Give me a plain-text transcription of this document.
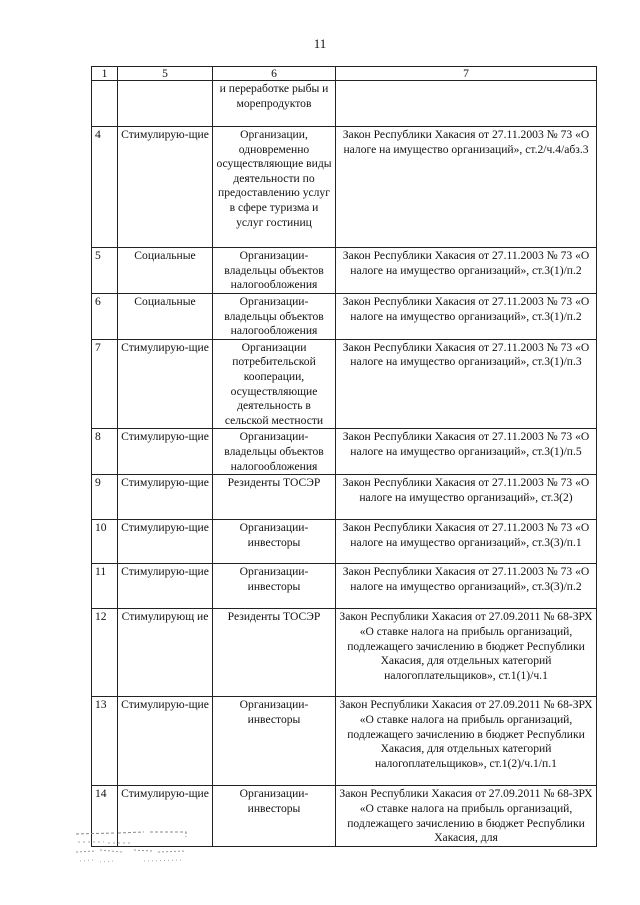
11
1	5	6	7
		и переработке рыбы и морепродуктов	
4	Стимулирую-щие	Организации, одновременно осуществляющие виды деятельности по предоставлению услуг в сфере туризма и услуг гостиниц	Закон Республики Хакасия от 27.11.2003 № 73 «О налоге на имущество организаций», ст.2/ч.4/абз.3
5	Социальные	Организации-владельцы объектов налогообложения	Закон Республики Хакасия от 27.11.2003 № 73 «О налоге на имущество организаций», ст.3(1)/п.2
6	Социальные	Организации-владельцы объектов налогообложения	Закон Республики Хакасия от 27.11.2003 № 73 «О налоге на имущество организаций», ст.3(1)/п.2
7	Стимулирую-щие	Организации потребительской кооперации, осуществляющие деятельность в сельской местности	Закон Республики Хакасия от 27.11.2003 № 73 «О налоге на имущество организаций», ст.3(1)/п.3
8	Стимулирую-щие	Организации-владельцы объектов налогообложения	Закон Республики Хакасия от 27.11.2003 № 73 «О налоге на имущество организаций», ст.3(1)/п.5
9	Стимулирую-щие	Резиденты ТОСЭР	Закон Республики Хакасия от 27.11.2003 № 73 «О налоге на имущество организаций», ст.3(2)
10	Стимулирую-щие	Организации-инвесторы	Закон Республики Хакасия от 27.11.2003 № 73 «О налоге на имущество организаций», ст.3(3)/п.1
11	Стимулирую-щие	Организации-инвесторы	Закон Республики Хакасия от 27.11.2003 № 73 «О налоге на имущество организаций», ст.3(3)/п.2
12	Стимулирующ ие	Резиденты ТОСЭР	Закон Республики Хакасия от 27.09.2011 № 68-ЗРХ «О ставке налога на прибыль организаций, подлежащего зачислению в бюджет Республики Хакасия, для отдельных категорий налогоплательщиков», ст.1(1)/ч.1
13	Стимулирую-щие	Организации-инвесторы	Закон Республики Хакасия от 27.09.2011 № 68-ЗРХ «О ставке налога на прибыль организаций, подлежащего зачислению в бюджет Республики Хакасия, для отдельных категорий налогоплательщиков», ст.1(2)/ч.1/п.1
14	Стимулирую-щие	Организации-инвесторы	Закон Республики Хакасия от 27.09.2011 № 68-ЗРХ «О ставке налога на прибыль организаций, подлежащего зачислению в бюджет Республики Хакасия, для
